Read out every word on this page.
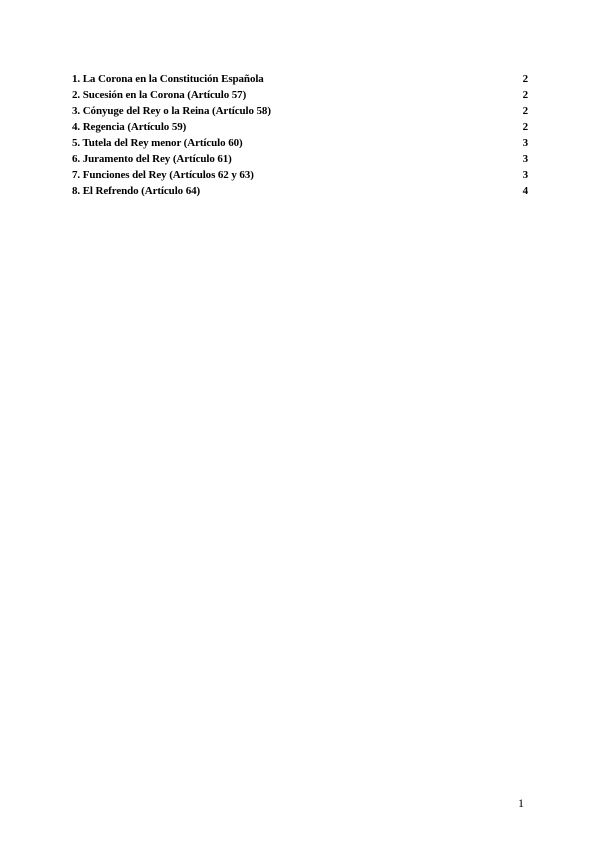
1. La Corona en la Constitución Española	2
2. Sucesión en la Corona (Artículo 57)	2
3. Cónyuge del Rey o la Reina (Artículo 58)	2
4. Regencia (Artículo 59)	2
5. Tutela del Rey menor (Artículo 60)	3
6. Juramento del Rey (Artículo 61)	3
7. Funciones del Rey (Artículos 62 y 63)	3
8. El Refrendo (Artículo 64)	4
1
